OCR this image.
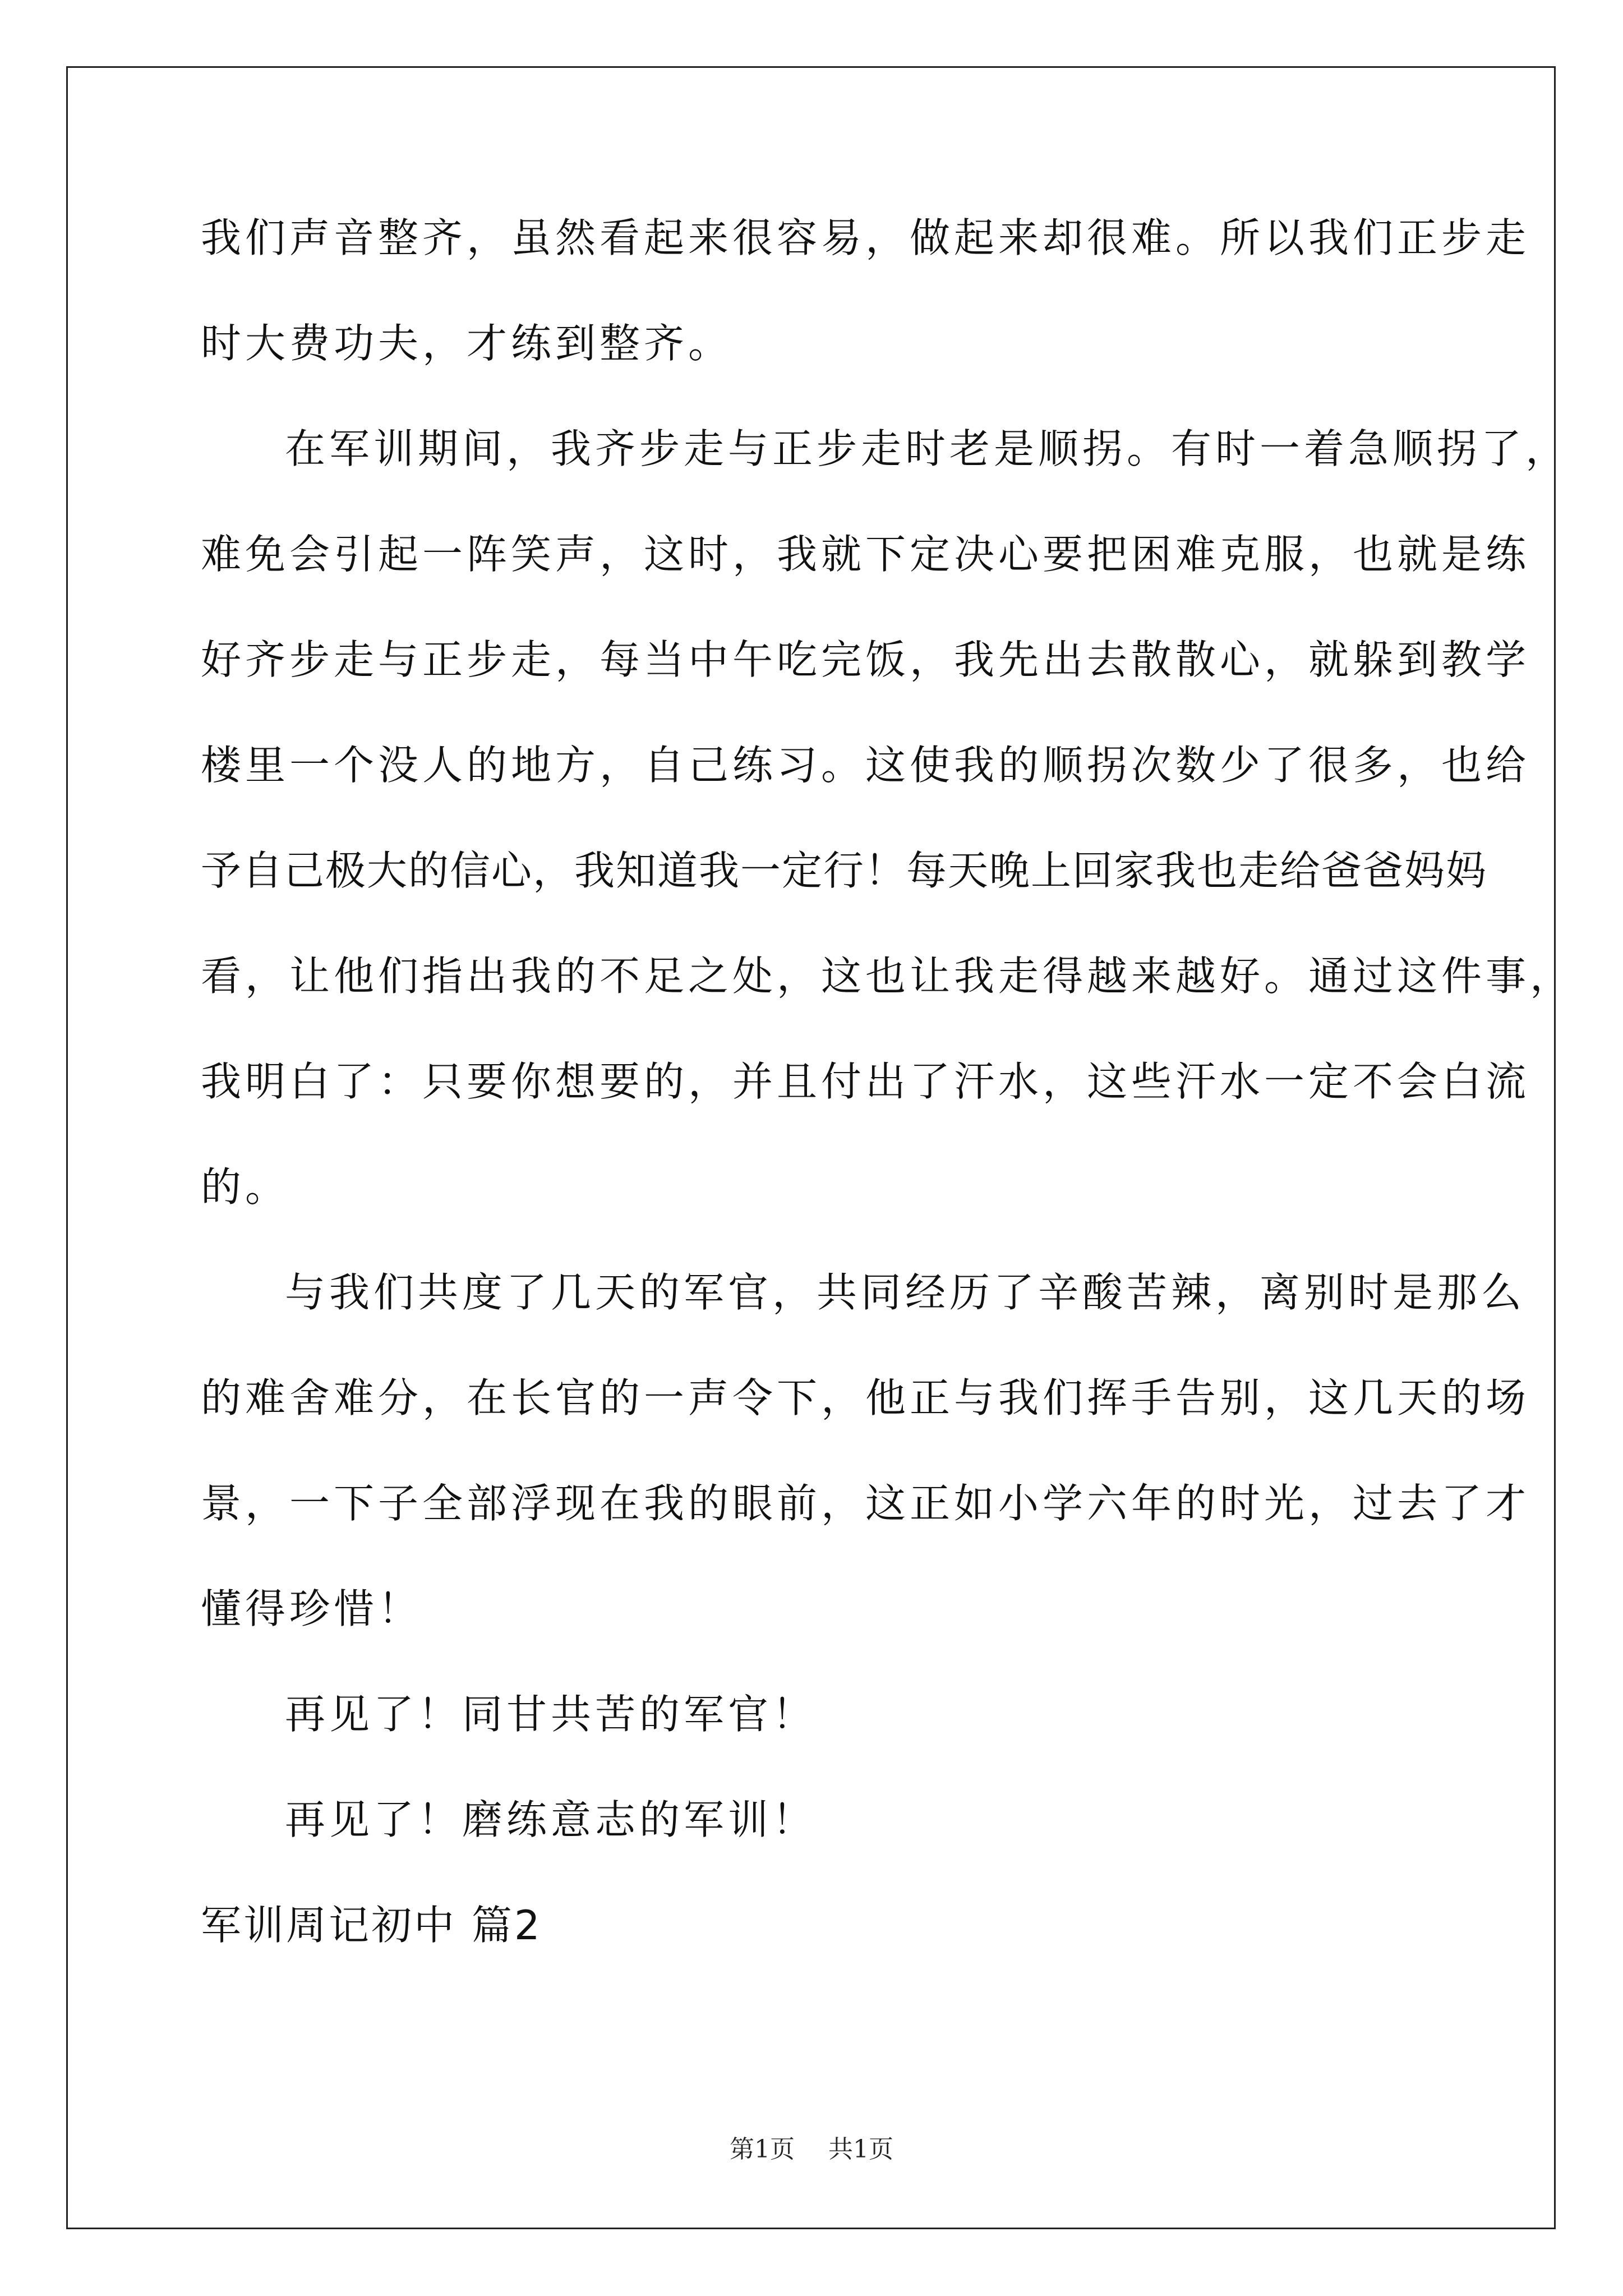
我们声音整齐，虽然看起来很容易，做起来却很难。所以我们正步走

时大费功夫，才练到整齐。

在军训期间，我齐步走与正步走时老是顺拐。有时一着急顺拐了，

难免会引起一阵笑声，这时，我就下定决心要把困难克服，也就是练

好齐步走与正步走，每当中午吃完饭，我先出去散散心，就躲到教学

楼里一个没人的地方，自己练习。这使我的顺拐次数少了很多，也给

予自己极大的信心，我知道我一定行！每天晚上回家我也走给爸爸妈妈

看，让他们指出我的不足之处，这也让我走得越来越好。通过这件事，

我明白了：只要你想要的，并且付出了汗水，这些汗水一定不会白流

的。

与我们共度了几天的军官，共同经历了辛酸苦辣，离别时是那么

的难舍难分，在长官的一声令下，他正与我们挥手告别，这几天的场

景，一下子全部浮现在我的眼前，这正如小学六年的时光，过去了才

懂得珍惜！

再见了！同甘共苦的军官！

再见了！磨练意志的军训！

军训周记初中 篇2

第1页 共1页
